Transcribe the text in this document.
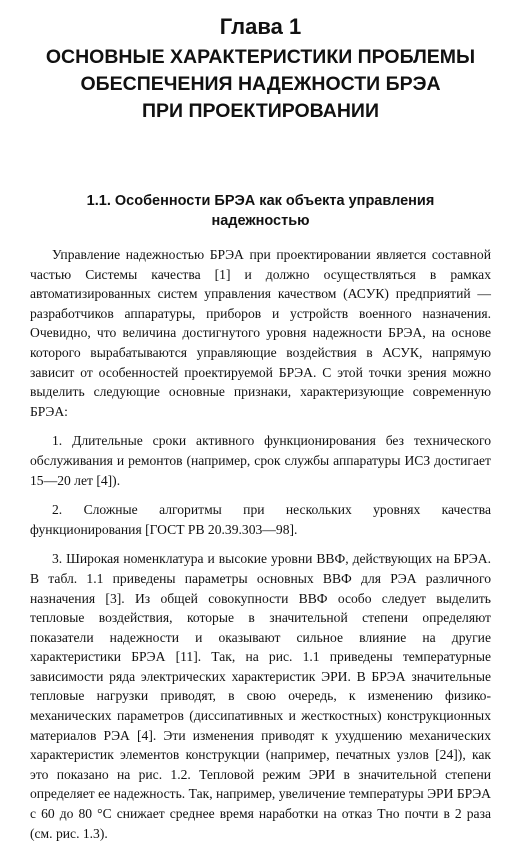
Глава 1
ОСНОВНЫЕ ХАРАКТЕРИСТИКИ ПРОБЛЕМЫ
ОБЕСПЕЧЕНИЯ НАДЕЖНОСТИ БРЭА
ПРИ ПРОЕКТИРОВАНИИ
1.1. Особенности БРЭА как объекта управления
надежностью

Управление надежностью БРЭА при проектировании является составной частью Системы качества [1] и должно осуществляться в рамках автоматизированных систем управления качеством (АСУК) предприятий — разработчиков аппаратуры, приборов и устройств военного назначения. Очевидно, что величина достигнутого уровня надежности БРЭА, на основе которого вырабатываются управляющие воздействия в АСУК, напрямую зависит от особенностей проектируемой БРЭА. С этой точки зрения можно выделить следующие основные признаки, характеризующие современную БРЭА:

1. Длительные сроки активного функционирования без технического обслуживания и ремонтов (например, срок службы аппаратуры ИСЗ достигает 15—20 лет [4]).

2. Сложные алгоритмы при нескольких уровнях качества функционирования [ГОСТ РВ 20.39.303—98].

3. Широкая номенклатура и высокие уровни ВВФ, действующих на БРЭА. В табл. 1.1 приведены параметры основных ВВФ для РЭА различного назначения [3]. Из общей совокупности ВВФ особо следует выделить тепловые воздействия, которые в значительной степени определяют показатели надежности и оказывают сильное влияние на другие характеристики БРЭА [11]. Так, на рис. 1.1 приведены температурные зависимости ряда электрических характеристик ЭРИ. В БРЭА значительные тепловые нагрузки приводят, в свою очередь, к изменению физико-механических параметров (диссипативных и жесткостных) конструкционных материалов РЭА [4]. Эти изменения приводят к ухудшению механических характеристик элементов конструкции (например, печатных узлов [24]), как это показано на рис. 1.2. Тепловой режим ЭРИ в значительной степени определяет ее надежность. Так, например, увеличение температуры ЭРИ БРЭА с 60 до 80 °С снижает среднее время наработки на отказ Tно почти в 2 раза (см. рис. 1.3).
